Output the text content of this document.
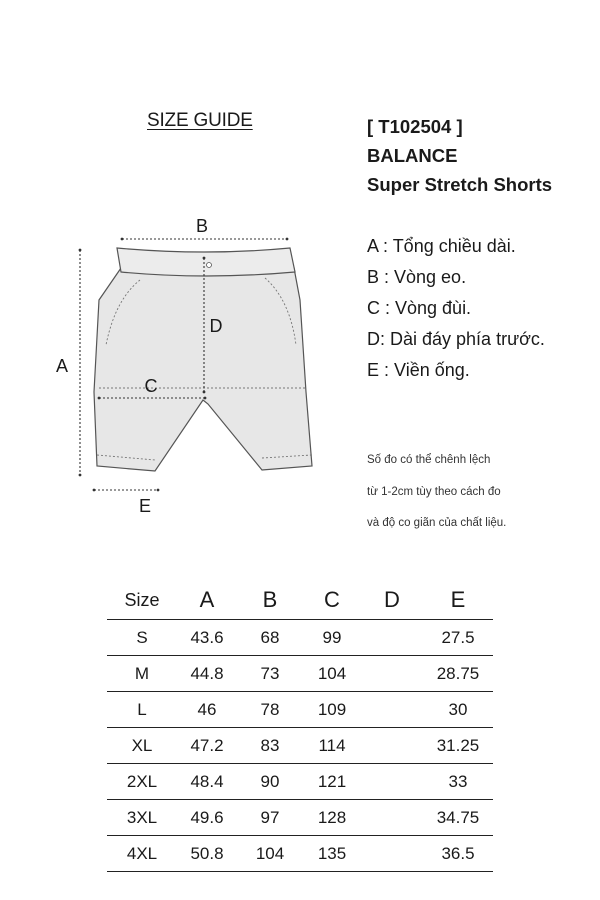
SIZE GUIDE	[ T102504 ]
BALANCE
Super Stretch Shorts
B
A
D
C
E
A : Tổng chiều dài.
B : Vòng eo.
C : Vòng đùi.
D: Dài đáy phía trước.
E : Viền ống.
Số đo có thể chênh lệch
từ 1-2cm tùy theo cách đo
và độ co giãn của chất liệu.
Size	A	B	C	D	E
S	43.6	68	99		27.5
M	44.8	73	104		28.75
L	46	78	109		30
XL	47.2	83	114		31.25
2XL	48.4	90	121		33
3XL	49.6	97	128		34.75
4XL	50.8	104	135		36.5
